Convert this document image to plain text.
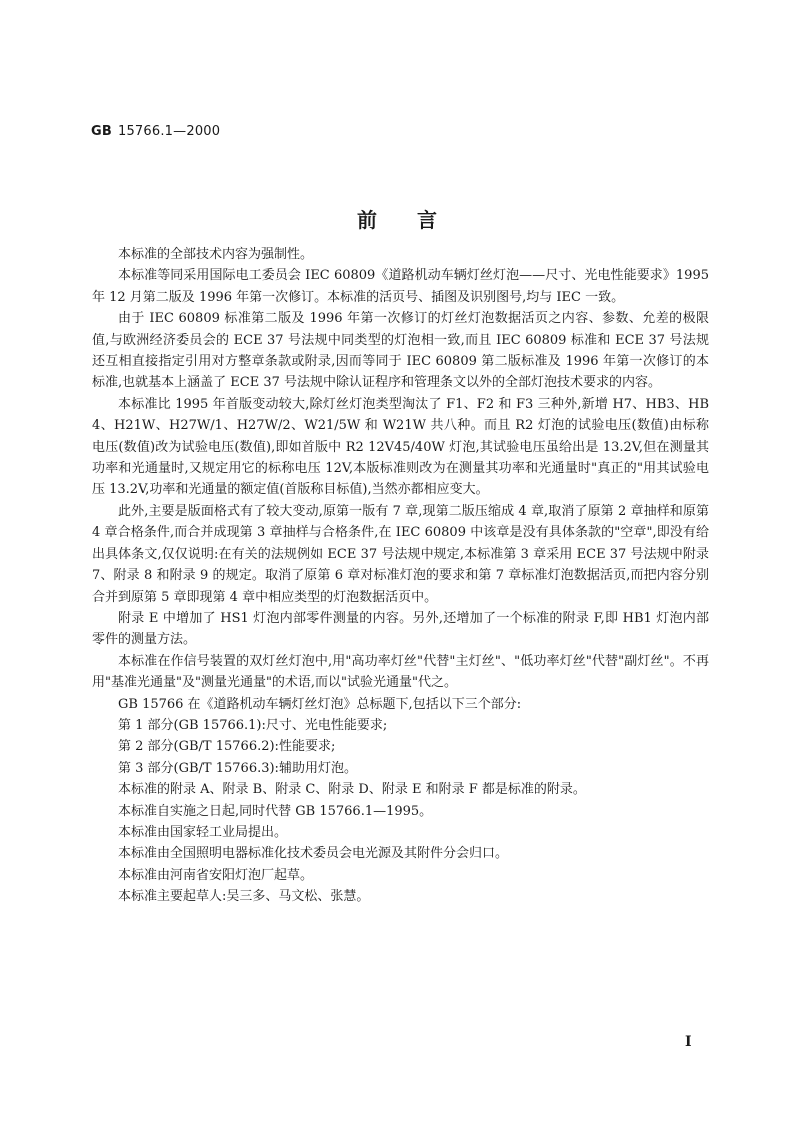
GB 15766.1—2000
前言

本标准的全部技术内容为强制性。

本标准等同采用国际电工委员会 IEC 60809《道路机动车辆灯丝灯泡——尺寸、光电性能要求》1995 年 12 月第二版及 1996 年第一次修订。本标准的活页号、插图及识别图号,均与 IEC 一致。

由于 IEC 60809 标准第二版及 1996 年第一次修订的灯丝灯泡数据活页之内容、参数、允差的极限值,与欧洲经济委员会的 ECE 37 号法规中同类型的灯泡相一致,而且 IEC 60809 标准和 ECE 37 号法规还互相直接指定引用对方整章条款或附录,因而等同于 IEC 60809 第二版标准及 1996 年第一次修订的本标准,也就基本上涵盖了 ECE 37 号法规中除认证程序和管理条文以外的全部灯泡技术要求的内容。

本标准比 1995 年首版变动较大,除灯丝灯泡类型淘汰了 F1、F2 和 F3 三种外,新增 H7、HB3、HB4、H21W、H27W/1、H27W/2、W21/5W 和 W21W 共八种。而且 R2 灯泡的试验电压(数值)由标称电压(数值)改为试验电压(数值),即如首版中 R2 12V45/40W 灯泡,其试验电压虽给出是 13.2V,但在测量其功率和光通量时,又规定用它的标称电压 12V,本版标准则改为在测量其功率和光通量时"真正的"用其试验电压 13.2V,功率和光通量的额定值(首版称目标值),当然亦都相应变大。

此外,主要是版面格式有了较大变动,原第一版有 7 章,现第二版压缩成 4 章,取消了原第 2 章抽样和原第 4 章合格条件,而合并成现第 3 章抽样与合格条件,在 IEC 60809 中该章是没有具体条款的"空章",即没有给出具体条文,仅仅说明:在有关的法规例如 ECE 37 号法规中规定,本标准第 3 章采用 ECE 37 号法规中附录 7、附录 8 和附录 9 的规定。取消了原第 6 章对标准灯泡的要求和第 7 章标准灯泡数据活页,而把内容分别合并到原第 5 章即现第 4 章中相应类型的灯泡数据活页中。

附录 E 中增加了 HS1 灯泡内部零件测量的内容。另外,还增加了一个标准的附录 F,即 HB1 灯泡内部零件的测量方法。

本标准在作信号装置的双灯丝灯泡中,用"高功率灯丝"代替"主灯丝"、"低功率灯丝"代替"副灯丝"。不再用"基准光通量"及"测量光通量"的术语,而以"试验光通量"代之。

GB 15766 在《道路机动车辆灯丝灯泡》总标题下,包括以下三个部分:

第 1 部分(GB 15766.1):尺寸、光电性能要求;

第 2 部分(GB/T 15766.2):性能要求;

第 3 部分(GB/T 15766.3):辅助用灯泡。

本标准的附录 A、附录 B、附录 C、附录 D、附录 E 和附录 F 都是标准的附录。

本标准自实施之日起,同时代替 GB 15766.1—1995。

本标准由国家轻工业局提出。

本标准由全国照明电器标准化技术委员会电光源及其附件分会归口。

本标准由河南省安阳灯泡厂起草。

本标准主要起草人:吴三多、马文松、张慧。

I
